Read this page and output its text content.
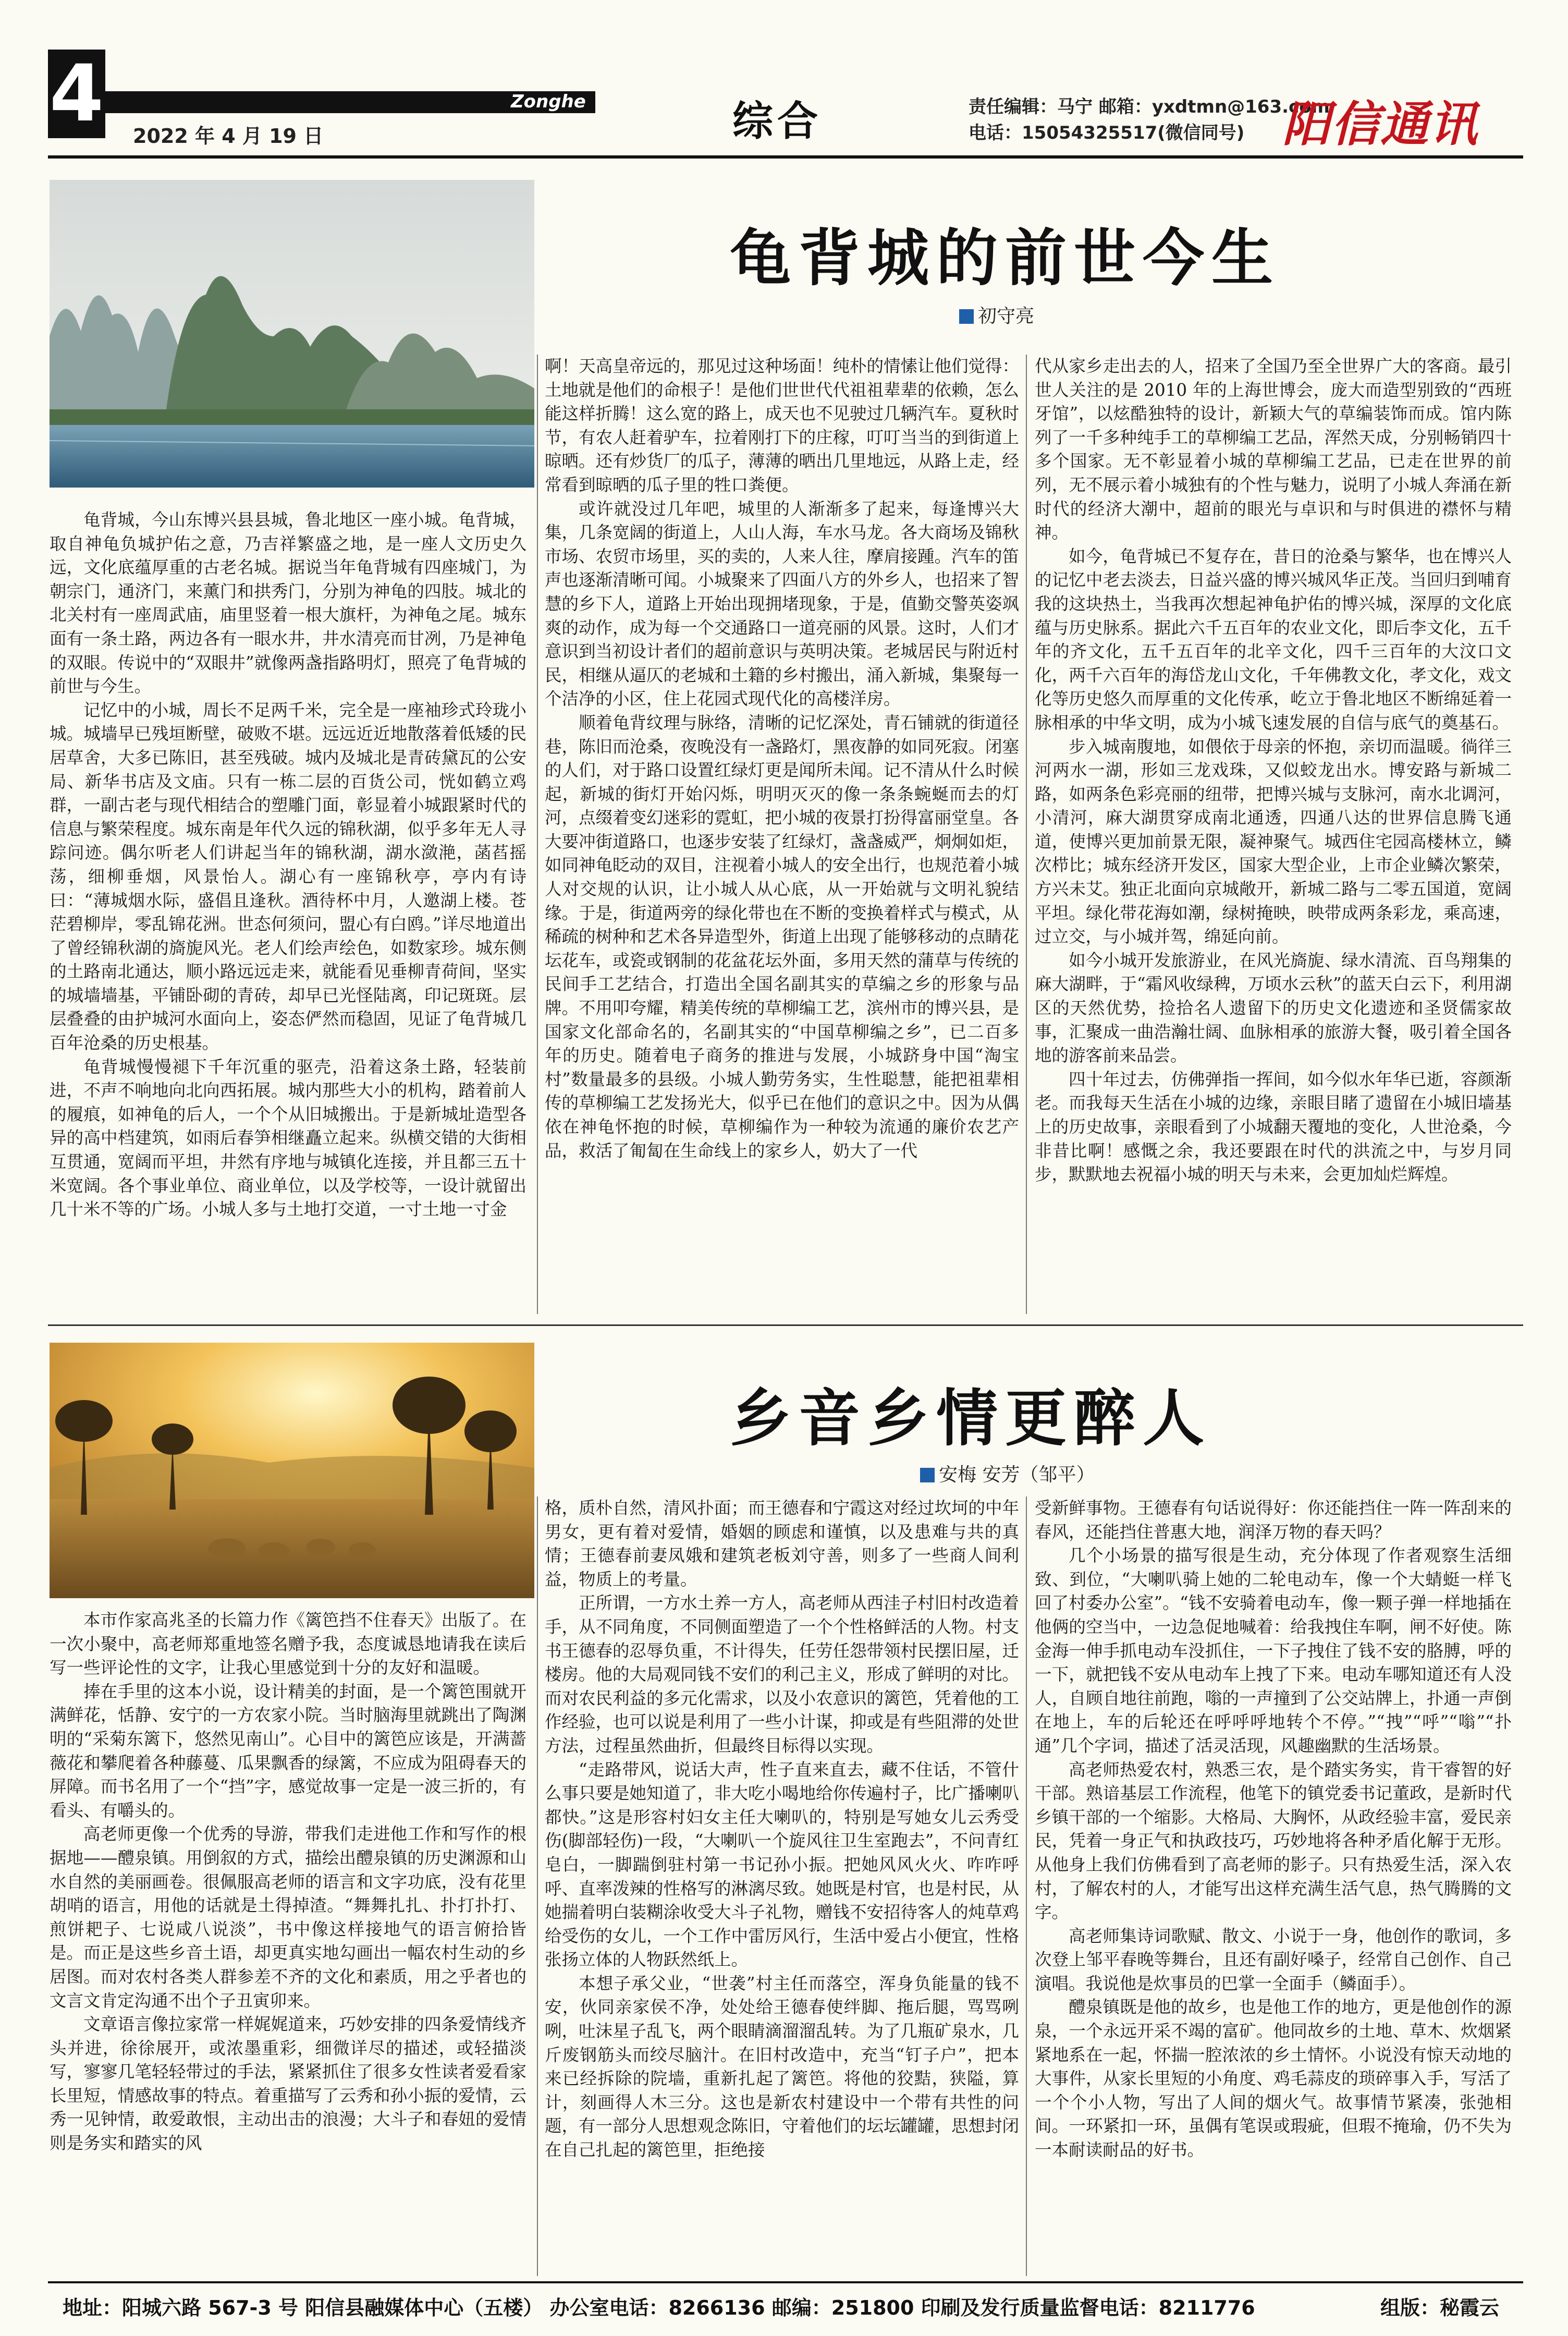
4	Zonghe
2022 年 4 月 19 日	综合	责任编辑：马宁 邮箱：yxdtmn@163.com
电话：15054325517(微信同号) 阳信通讯
龟背城的前世今生
初守亮

龟背城，今山东博兴县县城，鲁北地区一座小城。龟背城，取自神龟负城护佑之意，乃吉祥繁盛之地，是一座人文历史久远，文化底蕴厚重的古老名城。据说当年龟背城有四座城门，为朝宗门，通济门，来薰门和拱秀门，分别为神龟的四肢。城北的北关村有一座周武庙，庙里竖着一根大旗杆，为神龟之尾。城东面有一条土路，两边各有一眼水井，井水清亮而甘冽，乃是神龟的双眼。传说中的“双眼井”就像两盏指路明灯，照亮了龟背城的前世与今生。

记忆中的小城，周长不足两千米，完全是一座袖珍式玲珑小城。城墙早已残垣断壁，破败不堪。远远近近地散落着低矮的民居草舍，大多已陈旧，甚至残破。城内及城北是青砖黛瓦的公安局、新华书店及文庙。只有一栋二层的百货公司，恍如鹤立鸡群，一副古老与现代相结合的塑雕门面，彰显着小城跟紧时代的信息与繁荣程度。城东南是年代久远的锦秋湖，似乎多年无人寻踪问迹。偶尔听老人们讲起当年的锦秋湖，湖水潋滟，菡萏摇荡，细柳垂烟，风景怡人。湖心有一座锦秋亭，亭内有诗曰：“薄城烟水际，盛倡且逢秋。酒待杯中月，人邀湖上楼。苍茫碧柳岸，零乱锦花洲。世态何须问，盟心有白鸥。”详尽地道出了曾经锦秋湖的旖旎风光。老人们绘声绘色，如数家珍。城东侧的土路南北通达，顺小路远远走来，就能看见垂柳青荷间，坚实的城墙墙基，平铺卧砌的青砖，却早已光怪陆离，印记斑斑。层层叠叠的由护城河水面向上，姿态俨然而稳固，见证了龟背城几百年沧桑的历史根基。

龟背城慢慢褪下千年沉重的驱壳，沿着这条土路，轻装前进，不声不响地向北向西拓展。城内那些大小的机构，踏着前人的履痕，如神龟的后人，一个个从旧城搬出。于是新城址造型各异的高中档建筑，如雨后春笋相继矗立起来。纵横交错的大街相互贯通，宽阔而平坦，井然有序地与城镇化连接，并且都三五十米宽阔。各个事业单位、商业单位，以及学校等，一设计就留出几十米不等的广场。小城人多与土地打交道，一寸土地一寸金

啊！天高皇帝远的，那见过这种场面！纯朴的情愫让他们觉得：土地就是他们的命根子！是他们世世代代祖祖辈辈的依赖，怎么能这样折腾！这么宽的路上，成天也不见驶过几辆汽车。夏秋时节，有农人赶着驴车，拉着刚打下的庄稼，叮叮当当的到街道上晾晒。还有炒货厂的瓜子，薄薄的晒出几里地远，从路上走，经常看到晾晒的瓜子里的牲口粪便。

或许就没过几年吧，城里的人渐渐多了起来，每逢博兴大集，几条宽阔的街道上，人山人海，车水马龙。各大商场及锦秋市场、农贸市场里，买的卖的，人来人往，摩肩接踵。汽车的笛声也逐渐清晰可闻。小城聚来了四面八方的外乡人，也招来了智慧的乡下人，道路上开始出现拥堵现象，于是，值勤交警英姿飒爽的动作，成为每一个交通路口一道亮丽的风景。这时，人们才意识到当初设计者们的超前意识与英明决策。老城居民与附近村民，相继从逼仄的老城和土籍的乡村搬出，涌入新城，集聚每一个洁净的小区，住上花园式现代化的高楼洋房。

顺着龟背纹理与脉络，清晰的记忆深处，青石铺就的街道径巷，陈旧而沧桑，夜晚没有一盏路灯，黑夜静的如同死寂。闭塞的人们，对于路口设置红绿灯更是闻所未闻。记不清从什么时候起，新城的街灯开始闪烁，明明灭灭的像一条条蜿蜒而去的灯河，点缀着变幻迷彩的霓虹，把小城的夜景打扮得富丽堂皇。各大要冲街道路口，也逐步安装了红绿灯，盏盏威严，炯炯如炬，如同神龟眨动的双目，注视着小城人的安全出行，也规范着小城人对交规的认识，让小城人从心底，从一开始就与文明礼貌结缘。于是，街道两旁的绿化带也在不断的变换着样式与模式，从稀疏的树种和艺术各异造型外，街道上出现了能够移动的点睛花坛花车，或瓷或钢制的花盆花坛外面，多用天然的蒲草与传统的民间手工艺结合，打造出全国名副其实的草编之乡的形象与品牌。不用叩夸耀，精美传统的草柳编工艺，滨州市的博兴县，是国家文化部命名的，名副其实的“中国草柳编之乡”，已二百多年的历史。随着电子商务的推进与发展，小城跻身中国“淘宝村”数量最多的县级。小城人勤劳务实，生性聪慧，能把祖辈相传的草柳编工艺发扬光大，似乎已在他们的意识之中。因为从偶依在神龟怀抱的时候，草柳编作为一种较为流通的廉价农艺产品，救活了匍匐在生命线上的家乡人，奶大了一代

代从家乡走出去的人，招来了全国乃至全世界广大的客商。最引世人关注的是 2010 年的上海世博会，庞大而造型别致的“西班牙馆”，以炫酷独特的设计，新颖大气的草编装饰而成。馆内陈列了一千多种纯手工的草柳编工艺品，浑然天成，分别畅销四十多个国家。无不彰显着小城的草柳编工艺品，已走在世界的前列，无不展示着小城独有的个性与魅力，说明了小城人奔涌在新时代的经济大潮中，超前的眼光与卓识和与时俱进的襟怀与精神。

如今，龟背城已不复存在，昔日的沧桑与繁华，也在博兴人的记忆中老去淡去，日益兴盛的博兴城风华正茂。当回归到哺育我的这块热土，当我再次想起神龟护佑的博兴城，深厚的文化底蕴与历史脉系。据此六千五百年的农业文化，即后李文化，五千年的齐文化，五千五百年的北辛文化，四千三百年的大汶口文化，两千六百年的海岱龙山文化，千年佛教文化，孝文化，戏文化等历史悠久而厚重的文化传承，屹立于鲁北地区不断绵延着一脉相承的中华文明，成为小城飞速发展的自信与底气的奠基石。

步入城南腹地，如偎依于母亲的怀抱，亲切而温暖。徜徉三河两水一湖，形如三龙戏珠，又似蛟龙出水。博安路与新城二路，如两条色彩亮丽的纽带，把博兴城与支脉河，南水北调河，小清河，麻大湖贯穿成南北通透，四通八达的世界信息腾飞通道，使博兴更加前景无限，凝神聚气。城西住宅园高楼林立，鳞次栉比；城东经济开发区，国家大型企业，上市企业鳞次繁荣，方兴未艾。独正北面向京城敞开，新城二路与二零五国道，宽阔平坦。绿化带花海如潮，绿树掩映，映带成两条彩龙，乘高速，过立交，与小城并驾，绵延向前。

如今小城开发旅游业，在风光旖旎、绿水清流、百鸟翔集的麻大湖畔，于“霜风收绿稗，万顷水云秋”的蓝天白云下，利用湖区的天然优势，捡拾名人遗留下的历史文化遗迹和圣贤儒家故事，汇聚成一曲浩瀚壮阔、血脉相承的旅游大餐，吸引着全国各地的游客前来品尝。

四十年过去，仿佛弹指一挥间，如今似水年华已逝，容颜渐老。而我每天生活在小城的边缘，亲眼目睹了遗留在小城旧墙基上的历史故事，亲眼看到了小城翻天覆地的变化，人世沧桑，今非昔比啊！感慨之余，我还要跟在时代的洪流之中，与岁月同步，默默地去祝福小城的明天与未来，会更加灿烂辉煌。

乡音乡情更醉人
安梅 安芳（邹平）

本市作家高兆圣的长篇力作《篱笆挡不住春天》出版了。在一次小聚中，高老师郑重地签名赠予我，态度诚恳地请我在读后写一些评论性的文字，让我心里感觉到十分的友好和温暖。

捧在手里的这本小说，设计精美的封面，是一个篱笆围就开满鲜花，恬静、安宁的一方农家小院。当时脑海里就跳出了陶渊明的“采菊东篱下，悠然见南山”。心目中的篱笆应该是，开满蔷薇花和攀爬着各种藤蔓、瓜果飘香的绿篱，不应成为阻碍春天的屏障。而书名用了一个“挡”字，感觉故事一定是一波三折的，有看头、有嚼头的。

高老师更像一个优秀的导游，带我们走进他工作和写作的根据地——醴泉镇。用倒叙的方式，描绘出醴泉镇的历史渊源和山水自然的美丽画卷。很佩服高老师的语言和文字功底，没有花里胡哨的语言，用他的话就是土得掉渣。“舞舞扎扎、扑打扑打、煎饼耙子、七说咸八说淡”，书中像这样接地气的语言俯拾皆是。而正是这些乡音土语，却更真实地勾画出一幅农村生动的乡居图。而对农村各类人群参差不齐的文化和素质，用之乎者也的文言文肯定沟通不出个子丑寅卯来。

文章语言像拉家常一样娓娓道来，巧妙安排的四条爱情线齐头并进，徐徐展开，或浓墨重彩，细微详尽的描述，或轻描淡写，寥寥几笔轻轻带过的手法，紧紧抓住了很多女性读者爱看家长里短，情感故事的特点。着重描写了云秀和孙小振的爱情，云秀一见钟情，敢爱敢恨，主动出击的浪漫；大斗子和春妞的爱情则是务实和踏实的风

格，质朴自然，清风扑面；而王德春和宁霞这对经过坎坷的中年男女，更有着对爱情，婚姻的顾虑和谨慎，以及患难与共的真情；王德春前妻凤娥和建筑老板刘守善，则多了一些商人间利益，物质上的考量。

正所谓，一方水土养一方人，高老师从西洼子村旧村改造着手，从不同角度，不同侧面塑造了一个个性格鲜活的人物。村支书王德春的忍辱负重，不计得失，任劳任怨带领村民摆旧屋，迁楼房。他的大局观同钱不安们的利己主义，形成了鲜明的对比。而对农民利益的多元化需求，以及小农意识的篱笆，凭着他的工作经验，也可以说是利用了一些小计谋，抑或是有些阻滞的处世方法，过程虽然曲折，但最终目标得以实现。

“走路带风，说话大声，性子直来直去，藏不住话，不管什么事只要是她知道了，非大吃小喝地给你传遍村子，比广播喇叭都快。”这是形容村妇女主任大喇叭的，特别是写她女儿云秀受伤(脚部轻伤)一段，“大喇叭一个旋风往卫生室跑去”，不问青红皂白，一脚踹倒驻村第一书记孙小振。把她风风火火、咋咋呼呼、直率泼辣的性格写的淋漓尽致。她既是村官，也是村民，从她揣着明白装糊涂收受大斗子礼物，赠钱不安招待客人的炖草鸡给受伤的女儿，一个工作中雷厉风行，生活中爱占小便宜，性格张扬立体的人物跃然纸上。

本想子承父业，“世袭”村主任而落空，浑身负能量的钱不安，伙同亲家侯不净，处处给王德春使绊脚、拖后腿，骂骂咧咧，吐沫星子乱飞，两个眼睛滴溜溜乱转。为了几瓶矿泉水，几斤废钢筋头而绞尽脑汁。在旧村改造中，充当“钉子户”，把本来已经拆除的院墙，重新扎起了篱笆。将他的狡黠，狭隘，算计，刻画得人木三分。这也是新农村建设中一个带有共性的问题，有一部分人思想观念陈旧，守着他们的坛坛罐罐，思想封闭在自己扎起的篱笆里，拒绝接

受新鲜事物。王德春有句话说得好：你还能挡住一阵一阵刮来的春风，还能挡住普惠大地，润泽万物的春天吗？

几个小场景的描写很是生动，充分体现了作者观察生活细致、到位，“大喇叭骑上她的二轮电动车，像一个大蜻蜓一样飞回了村委办公室”。“钱不安骑着电动车，像一颗子弹一样地插在他俩的空当中，一边急促地喊着：给我拽住车啊，闸不好使。陈金海一伸手抓电动车没抓住，一下子拽住了钱不安的胳膊，呼的一下，就把钱不安从电动车上拽了下来。电动车哪知道还有人没人，自顾自地往前跑，嗡的一声撞到了公交站牌上，扑通一声倒在地上，车的后轮还在呼呼呼地转个不停。”“拽”“呼”“嗡”“扑通”几个字词，描述了活灵活现，风趣幽默的生活场景。

高老师热爱农村，熟悉三农，是个踏实务实，肯干睿智的好干部。熟谙基层工作流程，他笔下的镇党委书记董政，是新时代乡镇干部的一个缩影。大格局、大胸怀，从政经验丰富，爱民亲民，凭着一身正气和执政技巧，巧妙地将各种矛盾化解于无形。从他身上我们仿佛看到了高老师的影子。只有热爱生活，深入农村，了解农村的人，才能写出这样充满生活气息，热气腾腾的文字。

高老师集诗词歌赋、散文、小说于一身，他创作的歌词，多次登上邹平春晚等舞台，且还有副好嗓子，经常自己创作、自己演唱。我说他是炊事员的巴掌一全面手（鳞面手）。

醴泉镇既是他的故乡，也是他工作的地方，更是他创作的源泉，一个永远开采不竭的富矿。他同故乡的土地、草木、炊烟紧紧地系在一起，怀揣一腔浓浓的乡土情怀。小说没有惊天动地的大事件，从家长里短的小角度、鸡毛蒜皮的琐碎事入手，写活了一个个小人物，写出了人间的烟火气。故事情节紧凑，张弛相间。一环紧扣一环，虽偶有笔误或瑕疵，但瑕不掩瑜，仍不失为一本耐读耐品的好书。

地址：阳城六路 567-3 号 阳信县融媒体中心（五楼） 办公室电话：8266136 邮编：251800 印刷及发行质量监督电话：8211776	组版：秘霞云
